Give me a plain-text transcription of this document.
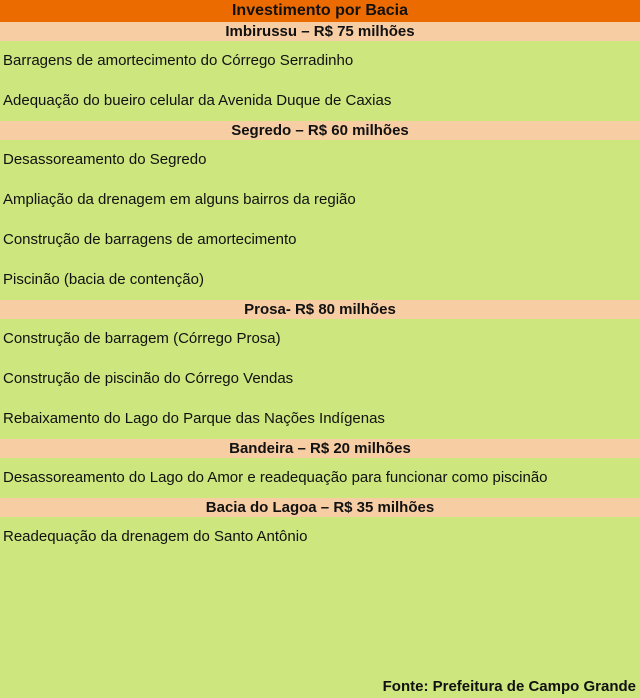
Investimento por Bacia
Imbirussu – R$ 75 milhões
Barragens de amortecimento do Córrego Serradinho
Adequação do bueiro celular da Avenida Duque de Caxias
Segredo – R$ 60 milhões
Desassoreamento do Segredo
Ampliação da drenagem em alguns bairros da região
Construção de barragens de amortecimento
Piscinão (bacia de contenção)
Prosa- R$ 80 milhões
Construção de barragem (Córrego Prosa)
Construção de piscinão do Córrego Vendas
Rebaixamento do Lago do Parque das Nações Indígenas
Bandeira – R$ 20 milhões
Desassoreamento do Lago do Amor e readequação para funcionar como piscinão
Bacia do Lagoa – R$ 35 milhões
Readequação da drenagem do Santo Antônio
Fonte: Prefeitura de Campo Grande
